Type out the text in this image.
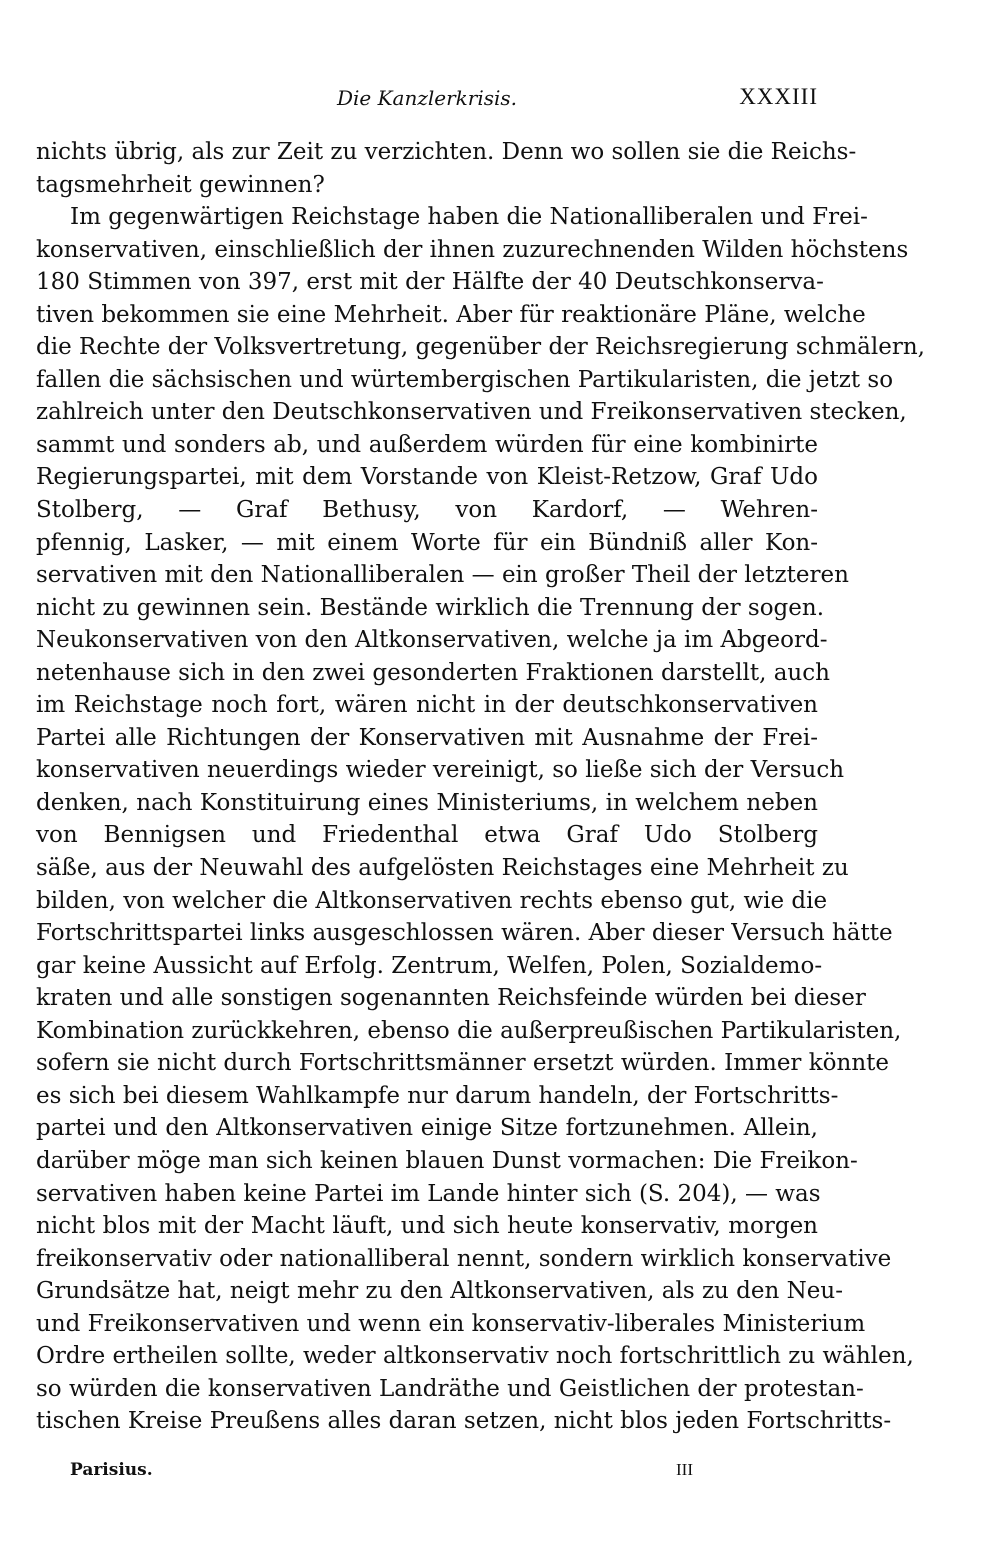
Die Kanzlerkrisis.	XXXIII
nichts übrig, als zur Zeit zu verzichten. Denn wo sollen sie die Reichs-
tagsmehrheit gewinnen?
Im gegenwärtigen Reichstage haben die Nationalliberalen und Frei-
konservativen, einschließlich der ihnen zuzurechnenden Wilden höchstens
180 Stimmen von 397, erst mit der Hälfte der 40 Deutschkonserva-
tiven bekommen sie eine Mehrheit. Aber für reaktionäre Pläne, welche
die Rechte der Volksvertretung, gegenüber der Reichsregierung schmälern,
fallen die sächsischen und würtembergischen Partikularisten, die jetzt so
zahlreich unter den Deutschkonservativen und Freikonservativen stecken,
sammt und sonders ab, und außerdem würden für eine kombinirte
Regierungspartei, mit dem Vorstande von Kleist-Retzow, Graf Udo
Stolberg, — Graf Bethusy, von Kardorf, — Wehren-
pfennig, Lasker, — mit einem Worte für ein Bündniß aller Kon-
servativen mit den Nationalliberalen — ein großer Theil der letzteren
nicht zu gewinnen sein. Bestände wirklich die Trennung der sogen.
Neukonservativen von den Altkonservativen, welche ja im Abgeord-
netenhause sich in den zwei gesonderten Fraktionen darstellt, auch
im Reichstage noch fort, wären nicht in der deutschkonservativen
Partei alle Richtungen der Konservativen mit Ausnahme der Frei-
konservativen neuerdings wieder vereinigt, so ließe sich der Versuch
denken, nach Konstituirung eines Ministeriums, in welchem neben
von Bennigsen und Friedenthal etwa Graf Udo Stolberg
säße, aus der Neuwahl des aufgelösten Reichstages eine Mehrheit zu
bilden, von welcher die Altkonservativen rechts ebenso gut, wie die
Fortschrittspartei links ausgeschlossen wären. Aber dieser Versuch hätte
gar keine Aussicht auf Erfolg. Zentrum, Welfen, Polen, Sozialdemo-
kraten und alle sonstigen sogenannten Reichsfeinde würden bei dieser
Kombination zurückkehren, ebenso die außerpreußischen Partikularisten,
sofern sie nicht durch Fortschrittsmänner ersetzt würden. Immer könnte
es sich bei diesem Wahlkampfe nur darum handeln, der Fortschritts-
partei und den Altkonservativen einige Sitze fortzunehmen. Allein,
darüber möge man sich keinen blauen Dunst vormachen: Die Freikon-
servativen haben keine Partei im Lande hinter sich (S. 204), — was
nicht blos mit der Macht läuft, und sich heute konservativ, morgen
freikonservativ oder nationalliberal nennt, sondern wirklich konservative
Grundsätze hat, neigt mehr zu den Altkonservativen, als zu den Neu-
und Freikonservativen und wenn ein konservativ-liberales Ministerium
Ordre ertheilen sollte, weder altkonservativ noch fortschrittlich zu wählen,
so würden die konservativen Landräthe und Geistlichen der protestan-
tischen Kreise Preußens alles daran setzen, nicht blos jeden Fortschritts-
Parisius.	III
